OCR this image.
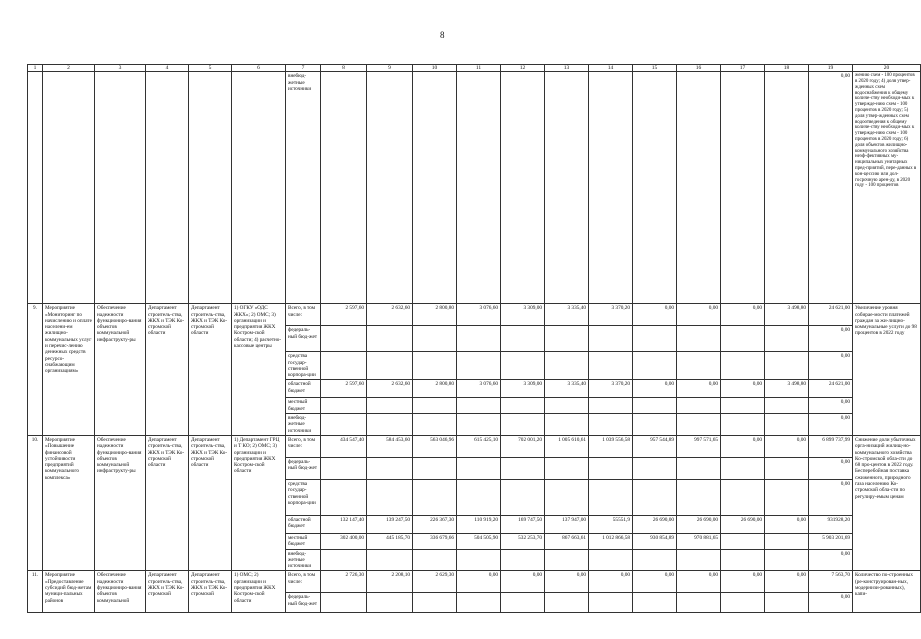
8
1	2	3	4	5	6	7	8	9	10	11	12	13	14	15	16	17	18	19	20
						внебюд-жетные источники												0,00	жению схем - 100 процентов в 2020 году; 4) доля утвер-жденных схем водоснабжения к общему количе-ству необходи-мых к утвержде-нию схем - 100 процентов в 2020 году; 5) доля утвер-жденных схем водоотведения к общему количе-ству необходи-мых к утвержде-нию схем - 100 процентов в 2020 году; 6) доля объектов жилищно-коммунального хозяйства неэф-фективных му-ниципальных унитарных пред-приятий, пере-данных в кон-цессию или дол-госрочную арен-ду, в 2020 году - 100 процентов
9.	Мероприятие «Мониторинг по начислению и оплате населени-ем жилищно-коммунальных услуг и перечис-лению денежных средств ресурсо-снабжающим организациям»	Обеспечение надежности функциониро-вания объектов коммунальной инфраструкту-ры	Департамент строитель-ства, ЖКХ и ТЭК Ко-стромской области	Департамент строитель-ства, ЖКХ и ТЭК Ко-стромской области	1) ОГКУ «ОДС ЖКХ»; 2) ОМС; 3) организации и предприятия ЖКХ Костром-ской области; 4) расчетно-кассовые центры	Всего, в том числе:	2 597,60	2 632,60	2 800,80	3 076,60	3 309,00	3 335,40	3 370,20	0,00	0,00	0,00	3 498,80	24 621,00	Увеличение уровня собирае-мости платежей граждан за жи-лищно-коммунальные услуги до 98 процентов в 2022 году
						федераль-ный бюд-жет												0,00	
						средства государ-ственной корпора-ции												0,00	
						областной бюджет	2 597,60	2 632,60	2 800,80	3 076,60	3 309,00	3 335,40	3 370,20	0,00	0,00	0,00	3 498,80	24 621,00	
						местный бюджет												0,00	
						внебюд-жетные источники												0,00	
10.	Мероприятие «Повышение финансовой устойчивости предприятий коммунального комплекса»	Обеспечение надежности функциониро-вания объектов коммунальной инфраструкту-ры	Департамент строитель-ства, ЖКХ и ТЭК Ко-стромской области	Департамент строитель-ства, ЖКХ и ТЭК Ко-стромской области	1) Департамент ГРЦ и Т КО; 2) ОМС; 3) организации и предприятия ЖКХ Костром-ской области	Всего, в том числе:	434 547,40	584 453,60	563 046,96	615 425,10	702 001,20	1 005 610,61	1 039 556,58	957 544,89	997 571,65	0,00	0,00	6 899 737,99	Снижение доли убыточных орга-низаций жилищ-но-коммунального хозяйства Ко-стромской обла-сти до 68 про-центов в 2022 году. Бесперебойная поставка сжиженного, природного газа населению Ко-стромской обла-сти по регулиру-емым ценам
						федераль-ный бюд-жет												0,00	
						средства государ-ственной корпора-ции												0,00	
						областной бюджет	132 147,40	139 247,50	226 367,30	110 919,20	169 747,50	137 947,00	55551,9	26 690,00	26 690,00	26 690,00	0,00	931928,20	
						местный бюджет	302 400,00	445 185,70	336 679,66	504 505,90	532 253,70	867 663,61	1 012 866,58	930 854,89	970 881,65			5 903 201,69	
						внебюд-жетные источники												0,00	
11.	Мероприятие «Предоставление субсидий бюд-жетам муници-пальных районов	Обеспечение надежности функциониро-вания объектов коммунальной	Департамент строитель-ства, ЖКХ и ТЭК Ко-стромской	Департамент строитель-ства, ЖКХ и ТЭК Ко-стромской	1) ОМС; 2) организации и предприятия ЖКХ Костром-ской области	Всего, в том числе:	2 726,30	2 208,10	2 629,30	0,00	0,00	0,00	0,00	0,00	0,00	0,00	0,00	7 563,70	Количество по-строенных (ре-конструирован-ных, модернизи-рованных), капи-
						федераль-ный бюд-жет												0,00	
